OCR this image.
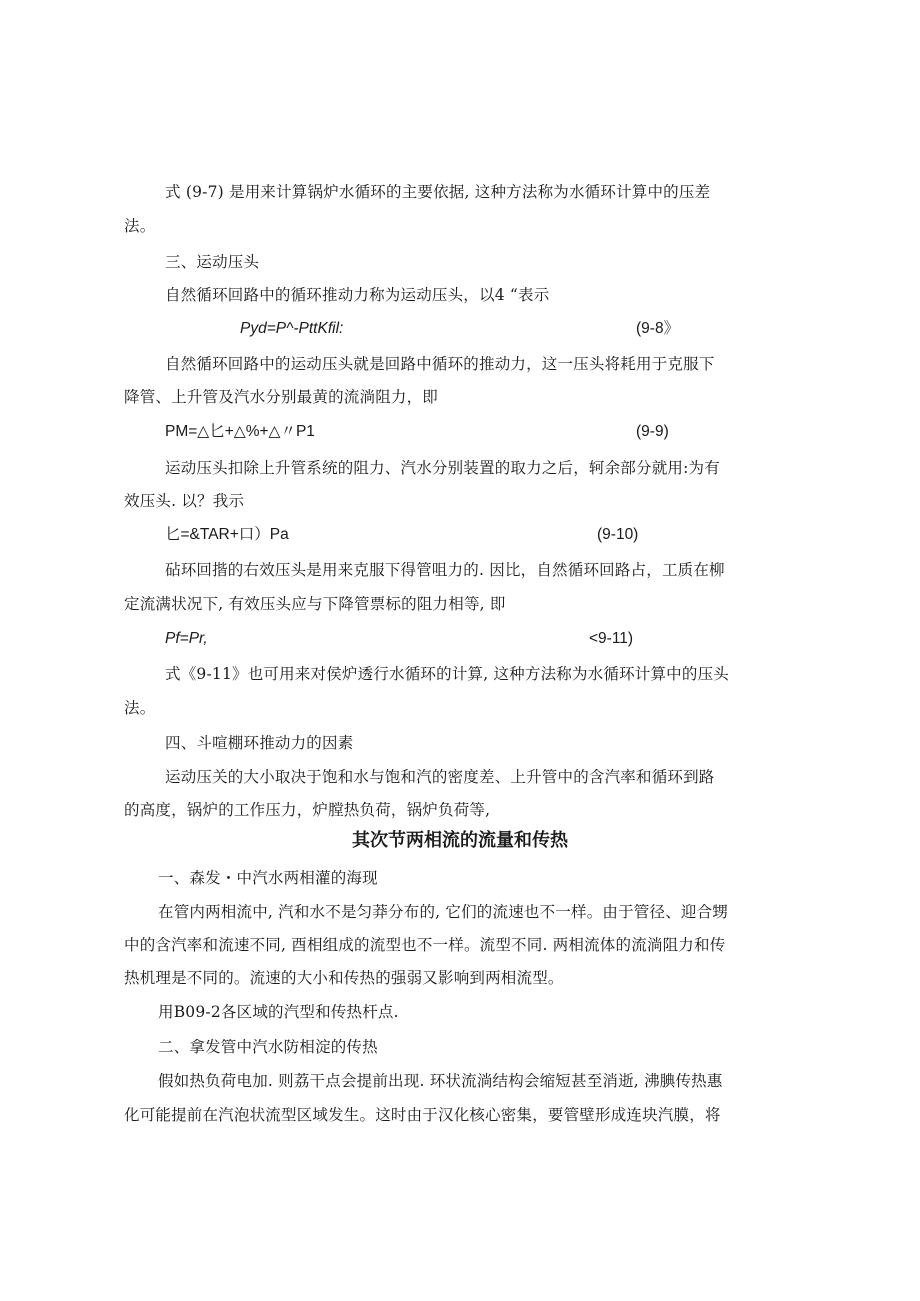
式 (9-7) 是用来计算锅炉水循环的主要依据, 这种方法称为水循环计算中的压差
法。
三、运动压头
自然循环回路中的循环推动力称为运动压头，以4 “表示
Pyd=P^-PttKfil:	(9-8》
自然循环回路中的运动压头就是回路中循环的推动力，这一压头将耗用于克服下
降管、上升管及汽水分别最黄的流淌阻力，即
PM=△匕+△%+△〃P1	(9-9)
运动压头扣除上升管系统的阻力、汽水分别装置的取力之后，轲余部分就用:为有
效压头. 以？我示
匕=&TAR+口）Pa	(9-10)
砧环回揩的右效压头是用来克服下得管咀力的. 因比，自然循环回路占，工质在柳
定流满状况下, 有效压头应与下降管票标的阻力相等, 即
Pf=Pr,	<9-11)
式《9-11》也可用来对侯炉透行水循环的计算, 这种方法称为水循环计算中的压头
法。
四、斗喧棚环推动力的因素
运动压关的大小取决于饱和水与饱和汽的密度差、上升管中的含汽率和循环到路
的高度，锅炉的工作压力，炉膛热负荷，锅炉负荷等,
其次节两相流的流量和传热
一、森发・中汽水两相灌的海现
在管内两相流中, 汽和水不是匀莽分布的, 它们的流速也不一样。由于管径、迎合甥
中的含汽率和流速不同, 酉相组成的流型也不一样。流型不同. 两相流体的流淌阻力和传
热机理是不同的。流速的大小和传热的强弱又影响到两相流型。
用B09-2各区域的汽型和传热杆点.
二、拿发管中汽水防相淀的传热
假如热负荷电加. 则荔干点会提前出现. 环状流淌结构会缩短甚至消逝, 沸腆传热惠
化可能提前在汽泡状流型区域发生。这时由于汉化核心密集，要管壁形成连块汽膜，将
